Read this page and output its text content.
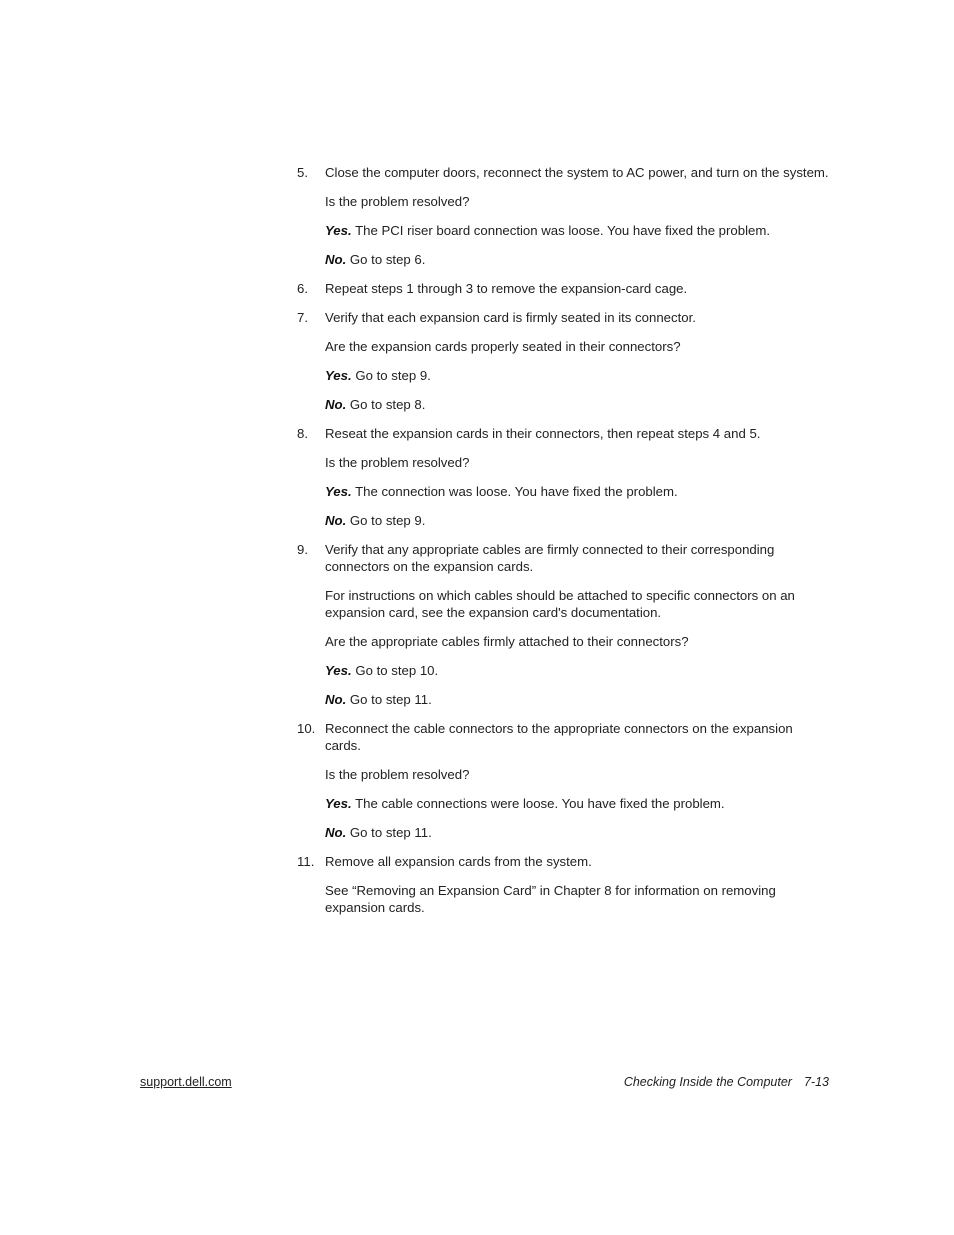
5. Close the computer doors, reconnect the system to AC power, and turn on the system.

Is the problem resolved?

Yes. The PCI riser board connection was loose. You have fixed the problem.

No. Go to step 6.

6. Repeat steps 1 through 3 to remove the expansion-card cage.

7. Verify that each expansion card is firmly seated in its connector.

Are the expansion cards properly seated in their connectors?

Yes. Go to step 9.

No. Go to step 8.

8. Reseat the expansion cards in their connectors, then repeat steps 4 and 5.

Is the problem resolved?

Yes. The connection was loose. You have fixed the problem.

No. Go to step 9.

9. Verify that any appropriate cables are firmly connected to their corresponding connectors on the expansion cards.

For instructions on which cables should be attached to specific connectors on an expansion card, see the expansion card's documentation.

Are the appropriate cables firmly attached to their connectors?

Yes. Go to step 10.

No. Go to step 11.

10. Reconnect the cable connectors to the appropriate connectors on the expansion cards.

Is the problem resolved?

Yes. The cable connections were loose. You have fixed the problem.

No. Go to step 11.

11. Remove all expansion cards from the system.

See “Removing an Expansion Card” in Chapter 8 for information on removing expansion cards.

support.dell.com	Checking Inside the Computer 7-13
